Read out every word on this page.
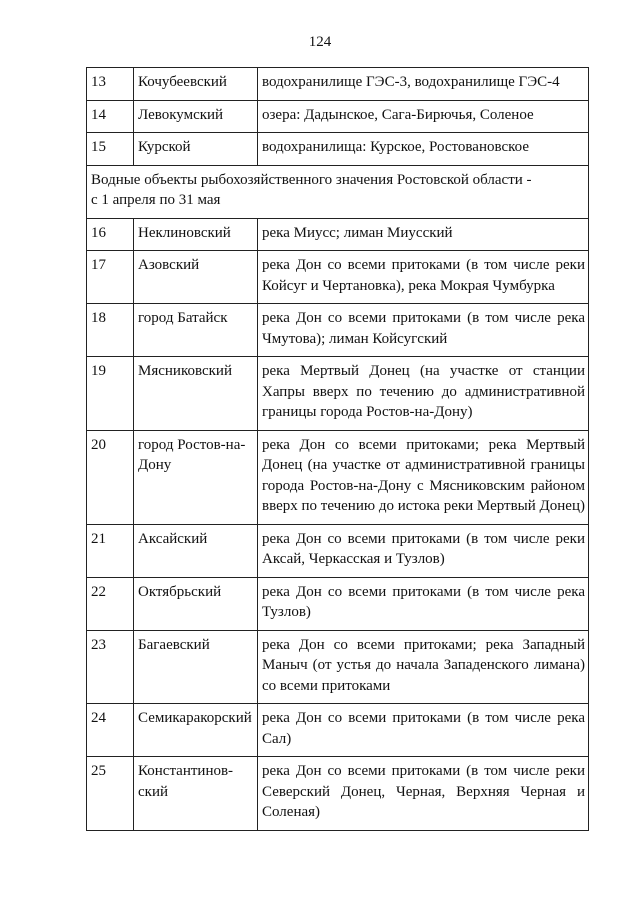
124
13	Кочубеевский	водохранилище ГЭС-3, водохранилище ГЭС-4
14	Левокумский	озера: Дадынское, Сага-Бирючья, Соленое
15	Курской	водохранилища: Курское, Ростовановское

Водные объекты рыбохозяйственного значения Ростовской области -
с 1 апреля по 31 мая		

16	Неклиновский	река Миусс; лиман Миусский
17	Азовский	река Дон со всеми притоками (в том числе реки Койсуг и Чертановка), река Мокрая Чумбурка
18	город Батайск	река Дон со всеми притоками (в том числе река Чмутова); лиман Койсугский
19	Мясниковский	река Мертвый Донец (на участке от станции Хапры вверх по течению до административной границы города Ростов-на-Дону)
20	город Ростов-на-Дону	река Дон со всеми притоками; река Мертвый Донец (на участке от административной границы города Ростов-на-Дону с Мясниковским районом вверх по течению до истока реки Мертвый Донец)
21	Аксайский	река Дон со всеми притоками (в том числе реки Аксай, Черкасская и Тузлов)
22	Октябрьский	река Дон со всеми притоками (в том числе река Тузлов)
23	Багаевский	река Дон со всеми притоками; река Западный Маныч (от устья до начала Западенского лимана) со всеми притоками
24	Семикаракорский	река Дон со всеми притоками (в том числе река Сал)
25	Константинов-ский	река Дон со всеми притоками (в том числе реки Северский Донец, Черная, Верхняя Черная и Соленая)
